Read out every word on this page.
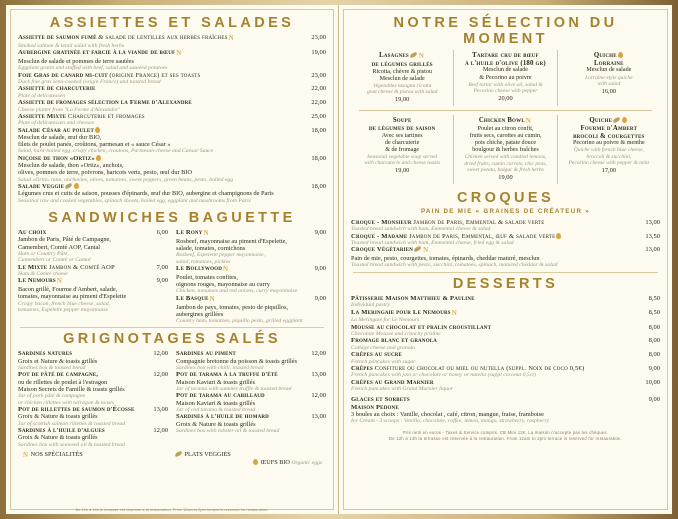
ASSIETTES ET SALADES
Assiette de saumon fumé & salade de lentilles aux herbes fraîchesN	23,00
Smoked salmon & lentil salad with fresh herbs
Aubergine gratinée et farcie à la viande de bœufN	19,00
Mesclun de salade et pommes de terre sautées
Eggplant gratin and stuffed with beef, salad and sautéed potatoes
Foie Gras de canard mi-cuit (origine France) et ses toasts	23,00
Duck foie gras semi-cooked (origin France) and toasted bread
Assiette de charcuterie	22,00
Plate of delicatessen
Assiette de fromages sélection la Ferme d'Alexandre	22,00
Cheese platter from "La Ferme d'Alexandre"
Assiette Mixte Charcuterie et fromages	25,00
Plate of delicatessen and cheeses
Salade César au poulet	18,00
Mesclun de salade, œuf dur BIO,
filets de poulet panés, croûtons, parmesan et « sauce César »
Salad, hard-boiled egg, crispy chicken, croutons, Parmesan cheese and Caesar Sauce
Niçoise de thon «Ortiz»	18,00
Mesclun de salade, thon «Ortiz», anchois,
olives, pommes de terre, poivrons, haricots verts, pesto, œuf dur BIO
Salad «Ortiz» tuna, anchovies, olives, tomatoes, sweet peppers, green beans, pesto, boiled egg
Salade Veggie	18,00
Légumes crus et cuits de saison, pousses d'épinards, œuf dur BIO, aubergine et champignons de Paris
Seasonal raw and cooked vegetables, spinach shoots, boiled egg, eggplant and mushrooms from Paris
SANDWICHES BAGUETTE
Au choix	6,00
Jambon de Paris, Pâté de Campagne,
Camembert, Comté AOP, Cantal
Ham or Country Pâté,
Camembert or Comté or Cantal
Le Mixte Jambon & Comté AOP	7,00
Ham & Comté cheese
Le NemoursN	9,00
Bacon grillé, Fourme d'Ambert, salade,
tomates, mayonnaise au piment d'Espelette
Crispy bacon, french blue cheese, salad,
tomatoes, Espelette pepper mayonnaise
Le RonyN	9,00
Rosbeef, mayonnaise au piment d'Espelette,
salade, tomates, cornichons
Rosbeef, Espelette pepper mayonnaise,
salad, tomatoes, pickles
Le BollywoodN	9,00
Poulet, tomates confites,
oignons rouges, mayonnaise au curry
Chicken, tomatoes and red onions, curry mayonnaise
Le BasqueN	9,00
Jambon de pays, tomates, pesto de piquillos,
aubergines grillées
Country ham, tomatoes, piquillo pesto, grilled eggplant
GRIGNOTAGES SALÉS
Sardines natures	12,00
Groix et Nature & toasts grillés
Sardines box & toasted bread
Pot de pâté de campagne,	12,00
ou de rillettes de poulet à l'estragon
Maison Secrets de Famille & toasts grillés
Jar of pork pâté & campagne
or chicken rillettes with tarragon & toasts
Pot de rillettes de saumon d'Écosse	13,00
Groix & Nature & toasts grillés
Jar of scottish salmon rillettes & toasted bread
Sardines à l'huile d'algues	12,00
Groix & Nature & toasts grillés
Sardines box with seaweed oil & toasted bread
Sardines au piment	12,00
Compagnie bretonne du poisson & toasts grillés
Sardines box with chilli, toasted bread
Pot de tarama à la truffe d'été	13,00
Maison Kaviari & toasts grillés
Jar of tarama with summer truffle & toasted bread
Pot de tarama au cabillaud	12,00
Maison Kaviari & toasts grillés
Jar of cod tarama & toasted bread
Sardines à l'huile de homard	13,00
Groix & Nature & toasts grillés
Sardines box with lobster oil & toasted bread
N NOS SPÉCIALITÉS	PLATS VEGGIES
ŒUFS BIO Organic eggs
De 12h à 14h le terrasse est réservée a la restauration. From 12am to 2pm terrace is reserved for restauration.
NOTRE SÉLECTION DU MOMENT
Lasagnes N
de légumes grillés
Ricotta, chèvre & pistou
Mesclun de salade
Vegetables lasagna ricotta
goat cheese & pistou with salad
19,00
Tartare cru de bœuf
à l'huile d'olive (180 gr)
Mesclun de salade
& Pecorino au poivre
Beef tartar with olive oil, salad &
Pecorino cheese with pepper
20,00
Quiche
Lorraine
Mesclun de salade
Lorraine-style quiche
with salad
16,00
Soupe
de légumes de saison
Avec ses tartines
de charcuterie
& de fromage
Seasonal vegetable soup served
with charcuterie and cheese toasts
19,00
Chicken BowlN
Poulet au citron confit,
fruits secs, carottes au cumin,
pois chiche, patate douce
boulgour & herbes fraîches
Chicken served with candied lemons,
dried fruits, cumin carrots, chic peas,
sweet potato, bulgur & fresh herbs
19,00
Quiche
Fourme d'Ambert
brocoli & courgettes
Pecorino au poivre & menthe
Quiche with french blue cheese,
broccoli & zucchini,
Pecorino cheese with pepper & mint
17,00
CROQUES
PAIN DE MIE « GRAINES DE CRÉATEUR »
Croque - Monsieur Jambon de Paris, Emmental & salade verte	13,00
Toasted bread sandwich with ham, Emmental cheese & salad
Croque - Madame Jambon de Paris, Emmental, œuf & salade verte	13,50
Toasted bread sandwich with ham, Emmental cheese, fried egg & salad
Croque Végétarien N	13,00
Pain de mie, pesto, courgettes, tomates, épinards, cheddar maturé, mesclun
Toasted bread sandwich with pesto, zucchini, tomatoes, spinach, matured cheddar & salad
DESSERTS
Pâtisserie Maison Matthieu & Pauline	8,50
Individual pastry
La Meringaie pour Le NemoursN	8,50
La Meringaie for Le Nemours
Mousse au chocolat et pralin croustillant	8,00
Chocolate Mousse and crunchy praline
Fromage blanc et granola	8,00
Cottage cheese and granola
Crêpes au sucre	8,00
French pancakes with sugar
Crêpes Confiture ou chocolat ou miel ou nutella (suppl. Noix de coco 0,5€)	9,00
French pancakes with jam or chocolate or honey or nutella (suppl coconut 0,5ct)
Crêpes au Grand Marnier	10,00
French pancakes with Grand Marnier liquor
Glaces et Sorbets	9,00
Maison Pedone
3 boules au choix : Vanille, chocolat , café, citron, mangue, fraise, framboise
Ice Cream - 3 scoops : Vanilla, chocolate, coffee, lemon, mango, strawberry, raspberry
Prix nets en euros - Taxes & Service compris. CB Mini 12€. La maison n'accepte pas les chèques.
De 12h à 14h la terrasse est réservée à la restauration. From 12am to 2pm terrace is reserved for restauration.
